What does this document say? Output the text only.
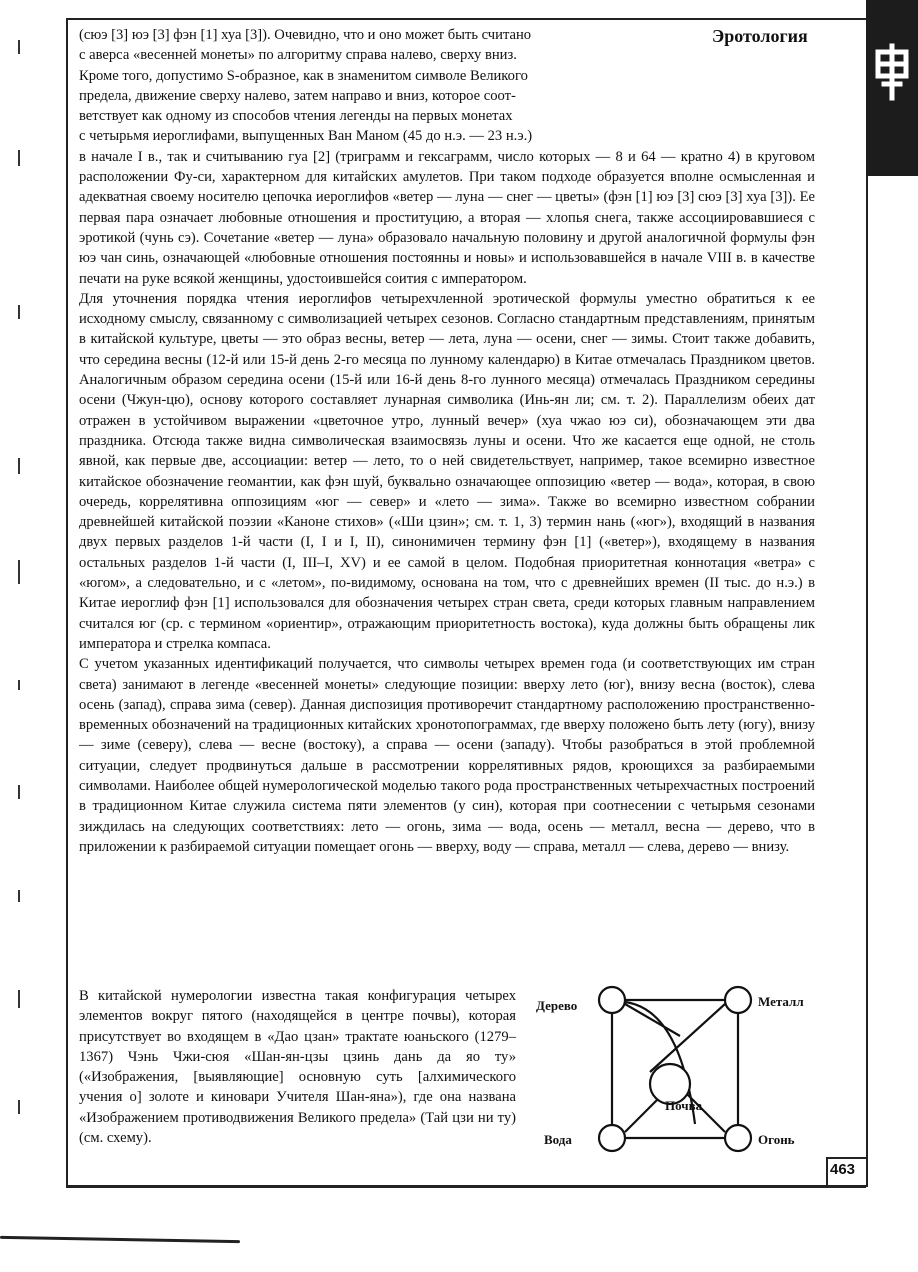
Эротология
(сюэ [3] юэ [3] фэн [1] хуа [3]). Очевидно, что и оно может быть считано
с аверса «весенней монеты» по алгоритму справа налево, сверху вниз.
Кроме того, допустимо S-образное, как в знаменитом символе Великого
предела, движение сверху налево, затем направо и вниз, которое соот-
ветствует как одному из способов чтения легенды на первых монетах
с четырьмя иероглифами, выпущенных Ван Маном (45 до н.э. — 23 н.э.)

в начале I в., так и считыванию гуа [2] (триграмм и гексаграмм, число которых — 8 и 64 — кратно 4) в круговом расположении Фу-си, характерном для китайских амулетов. При таком подходе образуется вполне осмысленная и адекватная своему носителю цепочка иероглифов «ветер — луна — снег — цветы» (фэн [1] юэ [3] сюэ [3] хуа [3]). Ее первая пара означает любовные отношения и проституцию, а вторая — хлопья снега, также ассоциировавшиеся с эротикой (чунь сэ). Сочетание «ветер — луна» образовало начальную половину и другой аналогичной формулы фэн юэ чан синь, означающей «любовные отношения постоянны и новы» и использовавшейся в начале VIII в. в качестве печати на руке всякой женщины, удостоившейся соития с императором.

Для уточнения порядка чтения иероглифов четырехчленной эротической формулы уместно обратиться к ее исходному смыслу, связанному с символизацией четырех сезонов. Согласно стандартным представлениям, принятым в китайской культуре, цветы — это образ весны, ветер — лета, луна — осени, снег — зимы. Стоит также добавить, что середина весны (12-й или 15-й день 2-го месяца по лунному календарю) в Китае отмечалась Праздником цветов. Аналогичным образом середина осени (15-й или 16-й день 8-го лунного месяца) отмечалась Праздником середины осени (Чжун-цю), основу которого составляет лунарная символика (Инь-ян ли; см. т. 2). Параллелизм обеих дат отражен в устойчивом выражении «цветочное утро, лунный вечер» (хуа чжао юэ си), обозначающем эти два праздника. Отсюда также видна символическая взаимосвязь луны и осени. Что же касается еще одной, не столь явной, как первые две, ассоциации: ветер — лето, то о ней свидетельствует, например, такое всемирно известное китайское обозначение геомантии, как фэн шуй, буквально означающее оппозицию «ветер — вода», которая, в свою очередь, коррелятивна оппозициям «юг — север» и «лето — зима». Также во всемирно известном собрании древнейшей китайской поэзии «Каноне стихов» («Ши цзин»; см. т. 1, 3) термин нань («юг»), входящий в названия двух первых разделов 1-й части (I, I и I, II), синонимичен термину фэн [1] («ветер»), входящему в названия остальных разделов 1-й части (I, III–I, XV) и ее самой в целом. Подобная приоритетная коннотация «ветра» с «югом», а следовательно, и с «летом», по-видимому, основана на том, что с древнейших времен (II тыс. до н.э.) в Китае иероглиф фэн [1] использовался для обозначения четырех стран света, среди которых главным направлением считался юг (ср. с термином «ориентир», отражающим приоритетность востока), куда должны быть обращены лик императора и стрелка компаса.

С учетом указанных идентификаций получается, что символы четырех времен года (и соответствующих им стран света) занимают в легенде «весенней монеты» следующие позиции: вверху лето (юг), внизу весна (восток), слева осень (запад), справа зима (север). Данная диспозиция противоречит стандартному расположению пространственно-временных обозначений на традиционных китайских хронотопограммах, где вверху положено быть лету (югу), внизу — зиме (северу), слева — весне (востоку), а справа — осени (западу). Чтобы разобраться в этой проблемной ситуации, следует продвинуться дальше в рассмотрении коррелятивных рядов, кроющихся за разбираемыми символами. Наиболее общей нумерологической моделью такого рода пространственных четырехчастных построений в традиционном Китае служила система пяти элементов (у син), которая при соотнесении с четырьмя сезонами зиждилась на следующих соответствиях: лето — огонь, зима — вода, осень — металл, весна — дерево, что в приложении к разбираемой ситуации помещает огонь — вверху, воду — справа, металл — слева, дерево — внизу.

В китайской нумерологии известна такая конфигурация четырех элементов вокруг пятого (находящейся в центре почвы), которая присутствует во входящем в «Дао цзан» трактате юаньского (1279–1367) Чэнь Чжи-сюя «Шан-ян-цзы цзинь дань да яо ту» («Изображения, [выявляющие] основную суть [алхимического учения о] золоте и киновари Учителя Шан-яна»), где она названа «Изображением противодвижения Великого предела» (Тай цзи ни ту) (см. схему).
Дерево	Металл
Почва
Вода	Огонь
463
